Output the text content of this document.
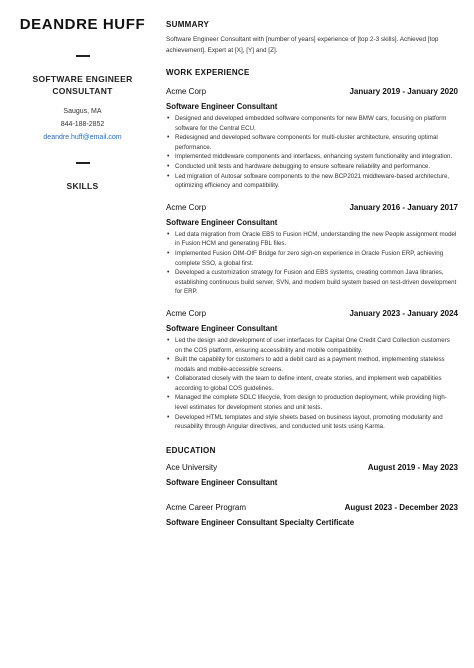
DEANDRE HUFF
SOFTWARE ENGINEER CONSULTANT
Saugus, MA
844-188-2852
deandre.huff@email.com
SKILLS
SUMMARY
Software Engineer Consultant with [number of years] experience of [top 2-3 skills]. Achieved [top achievement]. Expert at [X], [Y] and [Z].
WORK EXPERIENCE
Acme Corp	January 2019 - January 2020
Software Engineer Consultant
• Designed and developed embedded software components for new BMW cars, focusing on platform software for the Central ECU.
• Redesigned and developed software components for multi-cluster architecture, ensuring optimal performance.
• Implemented middleware components and interfaces, enhancing system functionality and integration.
• Conducted unit tests and hardware debugging to ensure software reliability and performance.
• Led migration of Autosar software components to the new BCP2021 middleware-based architecture, optimizing efficiency and compatibility.
Acme Corp	January 2016 - January 2017
Software Engineer Consultant
• Led data migration from Oracle EBS to Fusion HCM, understanding the new People assignment model in Fusion HCM and generating FBL files.
• Implemented Fusion OIM-OIF Bridge for zero sign-on experience in Oracle Fusion ERP, achieving complete SSO, a global first.
• Developed a customization strategy for Fusion and EBS systems, creating common Java libraries, establishing continuous build server, SVN, and modern build system based on test-driven development for ERP.
Acme Corp	January 2023 - January 2024
Software Engineer Consultant
• Led the design and development of user interfaces for Capital One Credit Card Collection customers on the COS platform, ensuring accessibility and mobile compatibility.
• Built the capability for customers to add a debit card as a payment method, implementing stateless modals and mobile-accessible screens.
• Collaborated closely with the team to define intent, create stories, and implement web capabilities according to global COS guidelines.
• Managed the complete SDLC lifecycle, from design to production deployment, while providing high-level estimates for development stories and unit tests.
• Developed HTML templates and style sheets based on business layout, promoting modularity and reusability through Angular directives, and conducted unit tests using Karma.
EDUCATION
Ace University	August 2019 - May 2023
Software Engineer Consultant
Acme Career Program	August 2023 - December 2023
Software Engineer Consultant Specialty Certificate
